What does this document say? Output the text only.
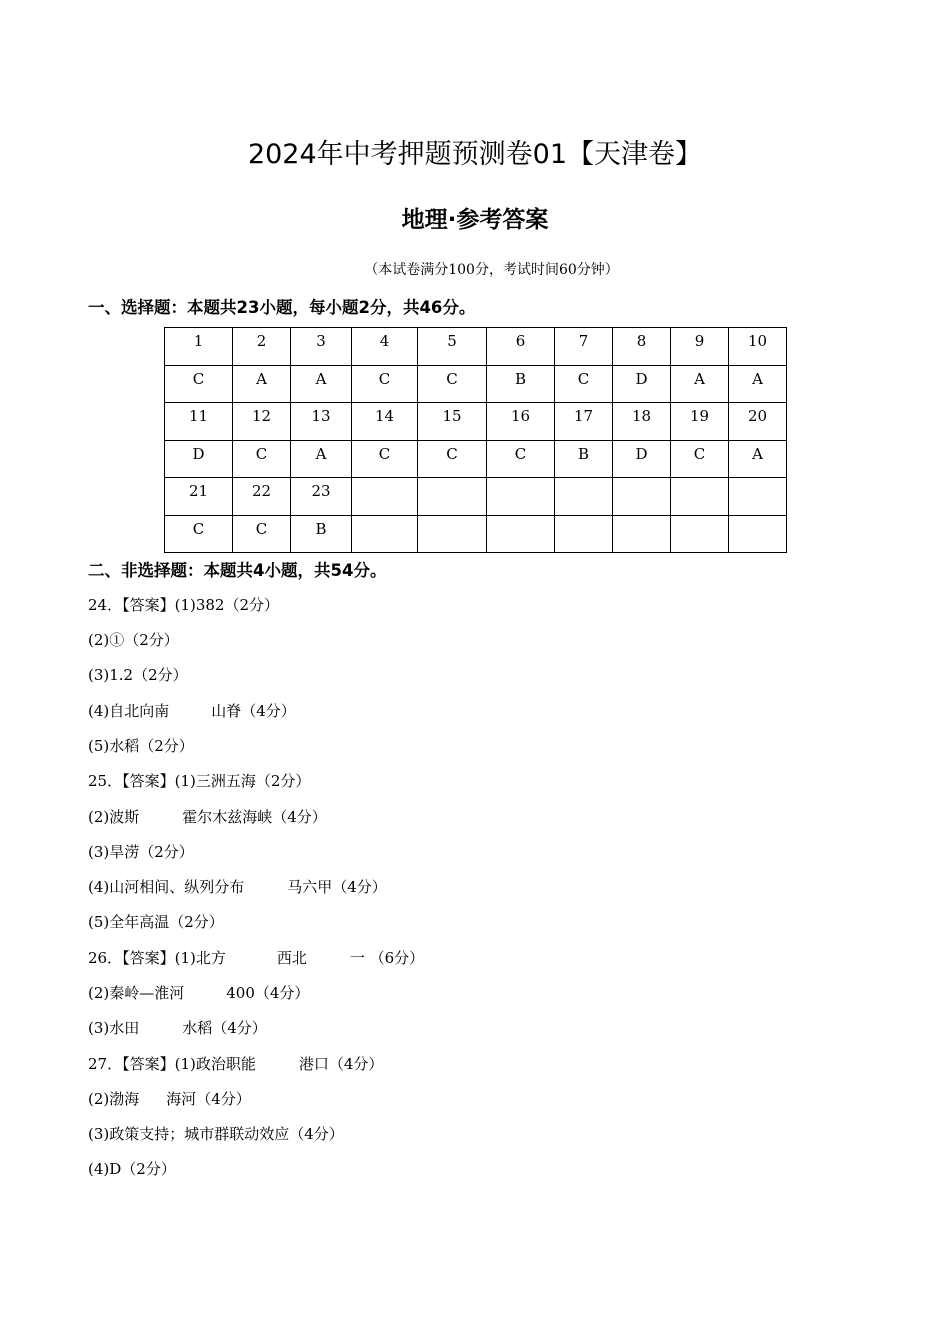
2024年中考押题预测卷01【天津卷】
地理·参考答案
（本试卷满分100分，考试时间60分钟）
一、选择题：本题共23小题，每小题2分，共46分。
1	2	3	4	5	6	7	8	9	10
C	A	A	C	C	B	C	D	A	A
11	12	13	14	15	16	17	18	19	20
D	C	A	C	C	C	B	D	C	A
21	22	23							
C	C	B							
二、非选择题：本题共4小题，共54分。
24．【答案】(1)382（2分）
(2)①（2分）
(3)1.2（2分）
(4)自北向南	山脊（4分）
(5)水稻（2分）
25．【答案】(1)三洲五海（2分）
(2)波斯	霍尔木兹海峡（4分）
(3)旱涝（2分）
(4)山河相间、纵列分布	马六甲（4分）
(5)全年高温（2分）
26．【答案】(1)北方	西北	一 （6分）
(2)秦岭—淮河	400（4分）
(3)水田	水稻（4分）
27．【答案】(1)政治职能	港口（4分）
(2)渤海 海河（4分）
(3)政策支持；城市群联动效应（4分）
(4)D（2分）
